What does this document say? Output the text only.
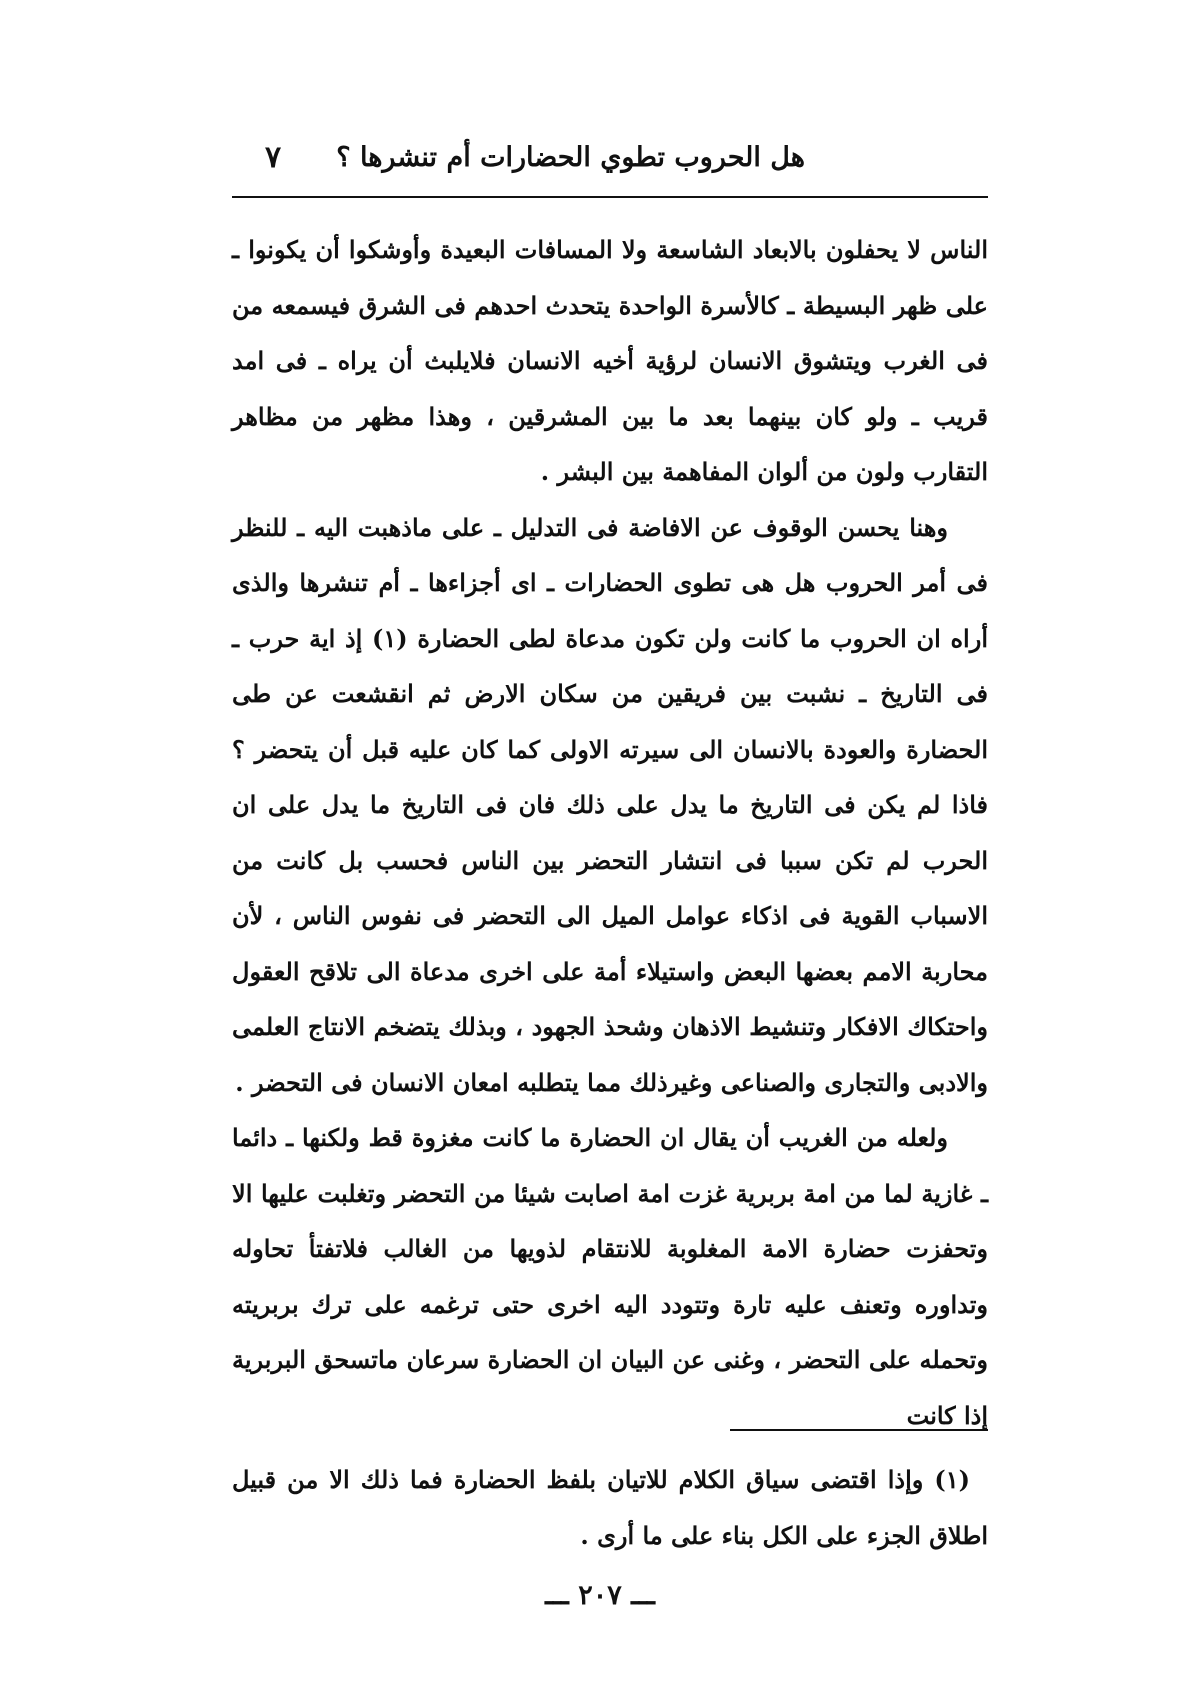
هل الحروب تطوي الحضارات أم تنشرها ؟
٧

الناس لا يحفلون بالابعاد الشاسعة ولا المسافات البعيدة وأوشكوا أن يكونوا ـ على ظهر البسيطة ـ كالأسرة الواحدة يتحدث احدهم فى الشرق فيسمعه من فى الغرب ويتشوق الانسان لرؤية أخيه الانسان فلايلبث أن يراه ـ فى امد قريب ـ ولو كان بينهما بعد ما بين المشرقين ، وهذا مظهر من مظاهر التقارب ولون من ألوان المفاهمة بين البشر .

وهنا يحسن الوقوف عن الافاضة فى التدليل ـ على ماذهبت اليه ـ للنظر فى أمر الحروب هل هى تطوى الحضارات ـ اى أجزاءها ـ أم تنشرها والذى أراه ان الحروب ما كانت ولن تكون مدعاة لطى الحضارة (١) إذ اية حرب ـ فى التاريخ ـ نشبت بين فريقين من سكان الارض ثم انقشعت عن طى الحضارة والعودة بالانسان الى سيرته الاولى كما كان عليه قبل أن يتحضر ؟ فاذا لم يكن فى التاريخ ما يدل على ذلك فان فى التاريخ ما يدل على ان الحرب لم تكن سببا فى انتشار التحضر بين الناس فحسب بل كانت من الاسباب القوية فى اذكاء عوامل الميل الى التحضر فى نفوس الناس ، لأن محاربة الامم بعضها البعض واستيلاء أمة على اخرى مدعاة الى تلاقح العقول واحتكاك الافكار وتنشيط الاذهان وشحذ الجهود ، وبذلك يتضخم الانتاج العلمى والادبى والتجارى والصناعى وغيرذلك مما يتطلبه امعان الانسان فى التحضر .

ولعله من الغريب أن يقال ان الحضارة ما كانت مغزوة قط ولكنها ـ دائما ـ غازية لما من امة بربرية غزت امة اصابت شيئا من التحضر وتغلبت عليها الا وتحفزت حضارة الامة المغلوبة للانتقام لذويها من الغالب فلاتفتأ تحاوله وتداوره وتعنف عليه تارة وتتودد اليه اخرى حتى ترغمه على ترك بربريته وتحمله على التحضر ، وغنى عن البيان ان الحضارة سرعان ماتسحق البربرية إذا كانت

(١) وإذا اقتضى سياق الكلام للاتيان بلفظ الحضارة فما ذلك الا من قبيل اطلاق الجزء على الكل بناء على ما أرى .

ـــ ٢٠٧ ـــ
